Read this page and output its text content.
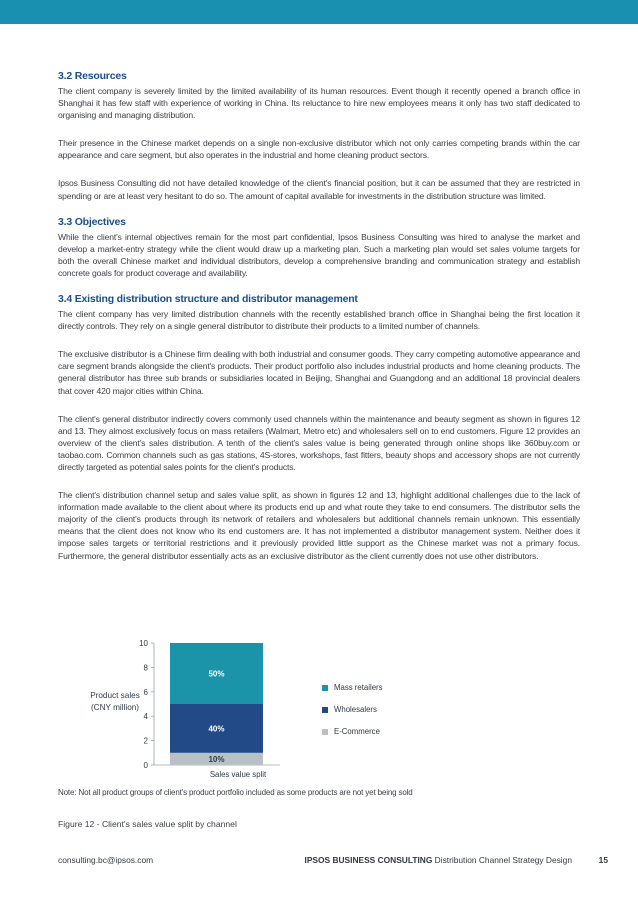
3.2 Resources

The client company is severely limited by the limited availability of its human resources. Event though it recently opened a branch office in Shanghai it has few staff with experience of working in China. Its reluctance to hire new employees means it only has two staff dedicated to organising and managing distribution.

Their presence in the Chinese market depends on a single non-exclusive distributor which not only carries competing brands within the car appearance and care segment, but also operates in the industrial and home cleaning product sectors.

Ipsos Business Consulting did not have detailed knowledge of the client's financial position, but it can be assumed that they are restricted in spending or are at least very hesitant to do so. The amount of capital available for investments in the distribution structure was limited.

3.3 Objectives

While the client's internal objectives remain for the most part confidential, Ipsos Business Consulting was hired to analyse the market and develop a market-entry strategy while the client would draw up a marketing plan. Such a marketing plan would set sales volume targets for both the overall Chinese market and individual distributors, develop a comprehensive branding and communication strategy and establish concrete goals for product coverage and availability.

3.4 Existing distribution structure and distributor management

The client company has very limited distribution channels with the recently established branch office in Shanghai being the first location it directly controls. They rely on a single general distributor to distribute their products to a limited number of channels.

The exclusive distributor is a Chinese firm dealing with both industrial and consumer goods. They carry competing automotive appearance and care segment brands alongside the client's products. Their product portfolio also includes industrial products and home cleaning products. The general distributor has three sub brands or subsidiaries located in Beijing, Shanghai and Guangdong and an additional 18 provincial dealers that cover 420 major cities within China.

The client's general distributor indirectly covers commonly used channels within the maintenance and beauty segment as shown in figures 12 and 13. They almost exclusively focus on mass retailers (Walmart, Metro etc) and wholesalers sell on to end customers. Figure 12 provides an overview of the client's sales distribution. A tenth of the client's sales value is being generated through online shops like 360buy.com or taobao.com. Common channels such as gas stations, 4S-stores, workshops, fast fitters, beauty shops and accessory shops are not currently directly targeted as potential sales points for the client's products.

The client's distribution channel setup and sales value split, as shown in figures 12 and 13, highlight additional challenges due to the lack of information made available to the client about where its products end up and what route they take to end consumers. The distributor sells the majority of the client's products through its network of retailers and wholesalers but additional channels remain unknown. This essentially means that the client does not know who its end customers are. It has not implemented a distributor management system. Neither does it impose sales targets or territorial restrictions and it previously provided little support as the Chinese market was not a primary focus. Furthermore, the general distributor essentially acts as an exclusive distributor as the client currently does not use other distributors.

0
2
4
6
8
10
10%
40%
50%
Product sales
(CNY million)
Mass retailers
Wholesalers
E-Commerce
Sales value split
Note: Not all product groups of client's product portfolio included as some products are not yet being sold
Figure 12 - Client's sales value split by channel
consulting.bc@ipsos.com	IPSOS BUSINESS CONSULTING Distribution Channel Strategy Design	15
